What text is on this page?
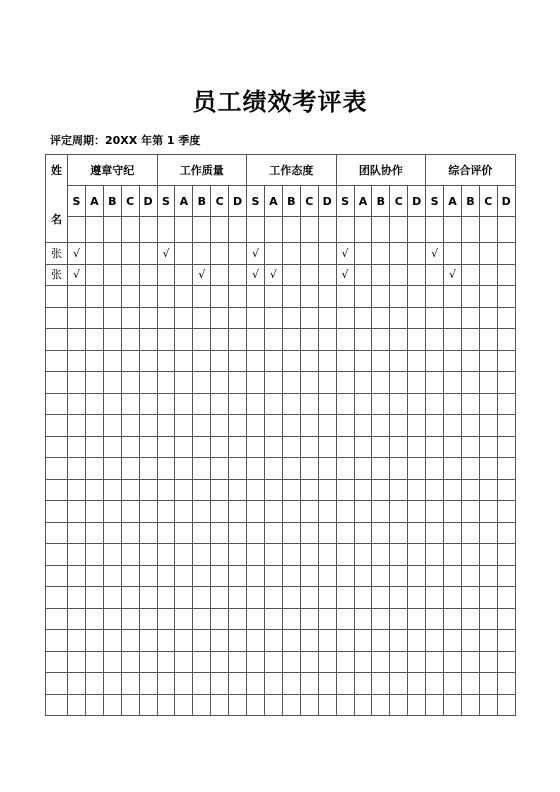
员工绩效考评表
评定周期：20XX 年第 1 季度
姓
名	遵章守纪					工作质量					工作态度					团队协作					综合评价				
	S	A	B	C	D	S	A	B	C	D	S	A	B	C	D	S	A	B	C	D	S	A	B	C	D

张	√					√					√					√					√				
张	√							√			√	√				√						√			
